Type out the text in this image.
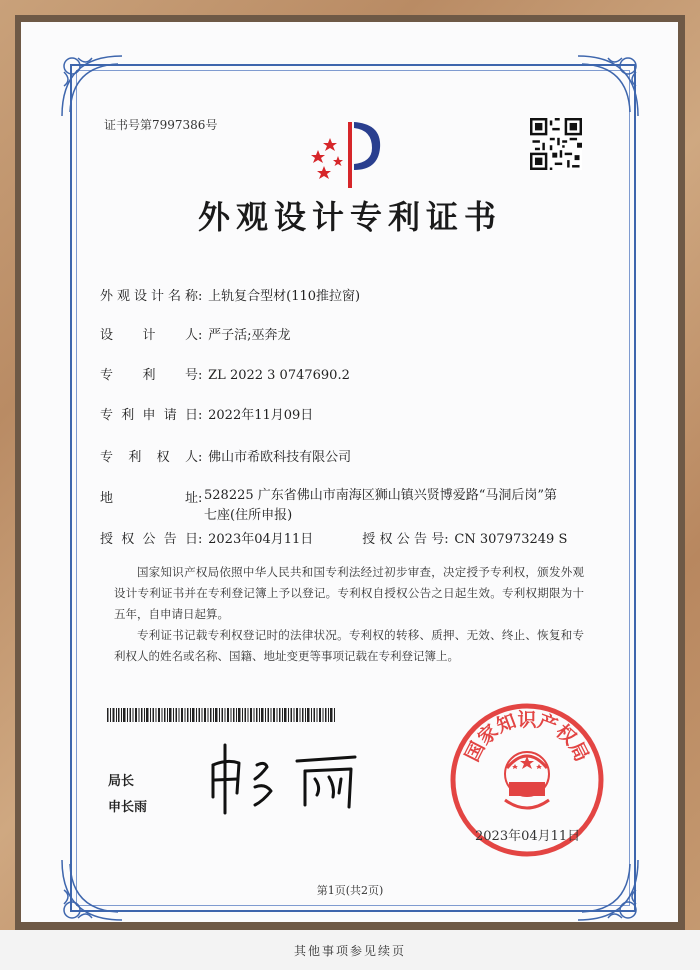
证书号第7997386号
外观设计专利证书
外观设计名称: 上轨复合型材(110推拉窗)
设计人: 严子活;巫奔龙
专利号: ZL 2022 3 0747690.2
专利申请日: 2022年11月09日
专利权人: 佛山市希欧科技有限公司
地址: 528225 广东省佛山市南海区狮山镇兴贤博爱路“马洞后岗”第七座(住所申报)
授权公告日: 2023年04月11日	授权公告号: CN 307973249 S
国家知识产权局依照中华人民共和国专利法经过初步审查，决定授予专利权，颁发外观设计专利证书并在专利登记簿上予以登记。专利权自授权公告之日起生效。专利权期限为十五年，自申请日起算。
专利证书记载专利权登记时的法律状况。专利权的转移、质押、无效、终止、恢复和专利权人的姓名或名称、国籍、地址变更等事项记载在专利登记簿上。
局长
申长雨
国家知识产权局
2023年04月11日
第1页(共2页)
其他事项参见续页
